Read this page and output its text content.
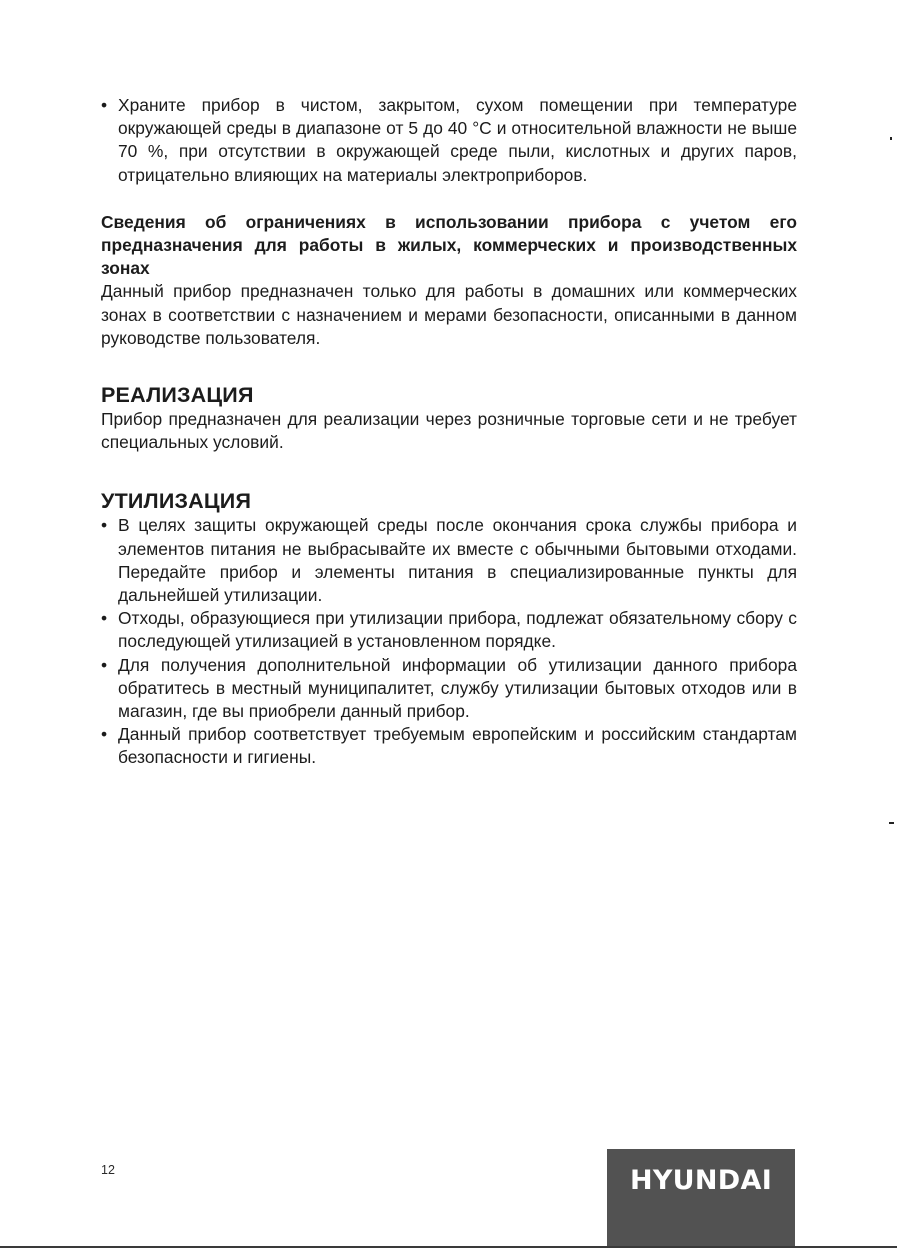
• Храните прибор в чистом, закрытом, сухом помещении при температуре окружающей среды в диапазоне от 5 до 40 °C и относительной влажности не выше 70 %, при отсутствии в окружающей среде пыли, кислотных и других паров, отрицательно влияющих на материалы электроприборов.

Сведения об ограничениях в использовании прибора с учетом его предназначения для работы в жилых, коммерческих и производственных зонах

Данный прибор предназначен только для работы в домашних или коммерческих зонах в соответствии с назначением и мерами безопасности, описанными в данном руководстве пользователя.

РЕАЛИЗАЦИЯ

Прибор предназначен для реализации через розничные торговые сети и не требует специальных условий.

УТИЛИЗАЦИЯ
• В целях защиты окружающей среды после окончания срока службы прибора и элементов питания не выбрасывайте их вместе с обычными бытовыми отходами. Передайте прибор и элементы питания в специализированные пункты для дальнейшей утилизации.
• Отходы, образующиеся при утилизации прибора, подлежат обязательному сбору с последующей утилизацией в установленном порядке.
• Для получения дополнительной информации об утилизации данного прибора обратитесь в местный муниципалитет, службу утилизации бытовых отходов или в магазин, где вы приобрели данный прибор.
• Данный прибор соответствует требуемым европейским и российским стандартам безопасности и гигиены.
12	HYUNDAI
